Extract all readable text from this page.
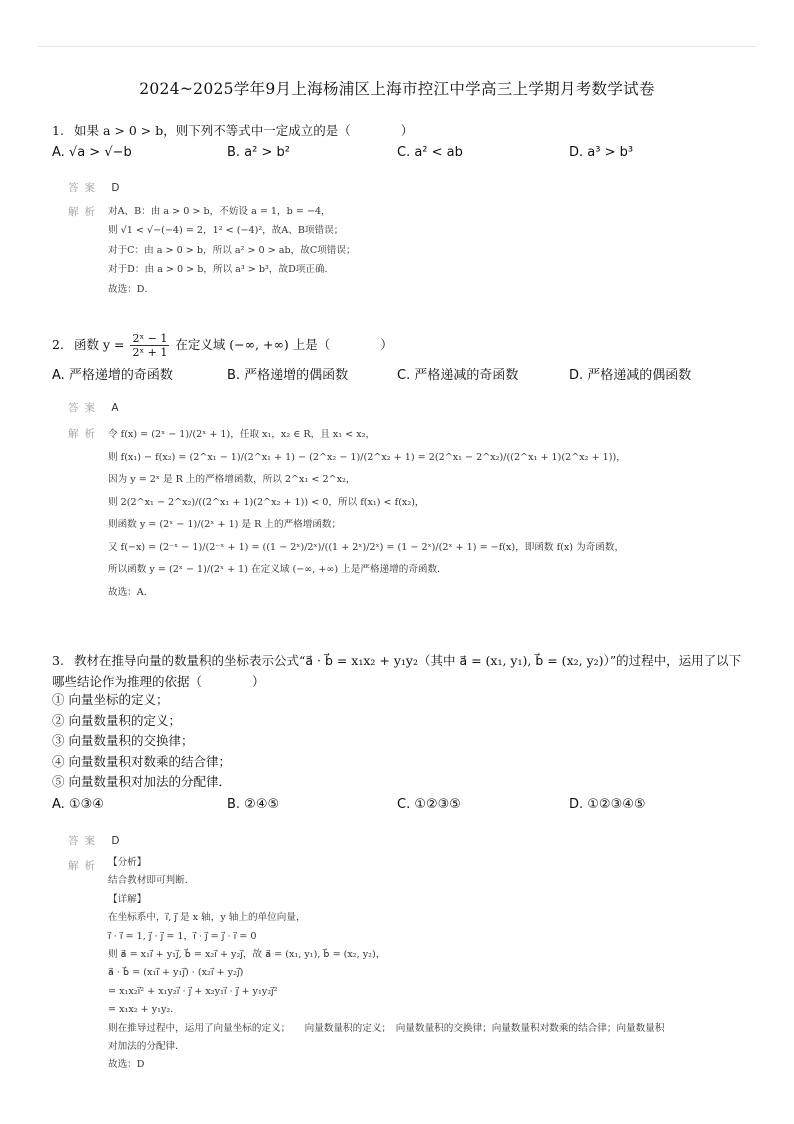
2024~2025学年9月上海杨浦区上海市控江中学高三上学期月考数学试卷
1. 如果 a > 0 > b，则下列不等式中一定成立的是（　　　　）
A. √a > √−b	B. a² > b²	C. a² < ab	D. a³ > b³
答案 D
解析 对A、B：由 a > 0 > b，不妨设 a = 1，b = −4，
则 √1 < √−(−4) = 2，1² < (−4)²，故A、B项错误；
对于C：由 a > 0 > b，所以 a² > 0 > ab，故C项错误；
对于D：由 a > 0 > b，所以 a³ > b³，故D项正确．
故选：D．
2. 函数 $y = \frac{\text{2ˣ − 1}}{\text{2ˣ + 1}}$ 在定义域 (−∞, +∞) 上是（　　　　）
A. 严格递增的奇函数	B. 严格递增的偶函数	C. 严格递减的奇函数	D. 严格递减的偶函数
答案 A
解析 令 f(x) = (2ˣ − 1)/(2ˣ + 1)，任取 x₁，x₂ ∈ R，且 x₁ < x₂，
则 f(x₁) − f(x₂) = (2^x₁ − 1)/(2^x₁ + 1) − (2^x₂ − 1)/(2^x₂ + 1) = 2(2^x₁ − 2^x₂)/((2^x₁ + 1)(2^x₂ + 1))，
因为 y = 2ˣ 是 R 上的严格增函数，所以 2^x₁ < 2^x₂，
则 2(2^x₁ − 2^x₂)/((2^x₁ + 1)(2^x₂ + 1)) < 0，所以 f(x₁) < f(x₂)，
则函数 y = (2ˣ − 1)/(2ˣ + 1) 是 R 上的严格增函数；
又 f(−x) = (2⁻ˣ − 1)/(2⁻ˣ + 1) = ((1 − 2ˣ)/2ˣ)/((1 + 2ˣ)/2ˣ) = (1 − 2ˣ)/(2ˣ + 1) = −f(x)，即函数 f(x) 为奇函数，
所以函数 y = (2ˣ − 1)/(2ˣ + 1) 在定义域 (−∞, +∞) 上是严格递增的奇函数．
故选：A．
3. 教材在推导向量的数量积的坐标表示公式“a⃗ · b⃗ = x₁x₂ + y₁y₂（其中 a⃗ = (x₁, y₁), b⃗ = (x₂, y₂)）”的过程中，运用了以下
哪些结论作为推理的依据（　　　　）
① 向量坐标的定义；
② 向量数量积的定义；
③ 向量数量积的交换律；
④ 向量数量积对数乘的结合律；
⑤ 向量数量积对加法的分配律．
A. ①③④	B. ②④⑤	C. ①②③⑤	D. ①②③④⑤
答案 D
解析 【分析】
结合教材即可判断．
【详解】
在坐标系中，i⃗, j⃗ 是 x 轴，y 轴上的单位向量，
i⃗ · i⃗ = 1, j⃗ · j⃗ = 1，i⃗ · j⃗ = j⃗ · i⃗ = 0
则 a⃗ = x₁i⃗ + y₁j⃗, b⃗ = x₂i⃗ + y₂j⃗，故 a⃗ = (x₁, y₁), b⃗ = (x₂, y₂)，
a⃗ · b⃗ = (x₁i⃗ + y₁j⃗) · (x₂i⃗ + y₂j⃗)
= x₁x₂i⃗² + x₁y₂i⃗ · j⃗ + x₂y₁i⃗ · j⃗ + y₁y₂j⃗²
= x₁x₂ + y₁y₂．
则在推导过程中，运用了向量坐标的定义；　　向量数量积的定义；　向量数量积的交换律；向量数量积对数乘的结合律；向量数量积
对加法的分配律．
故选：D
